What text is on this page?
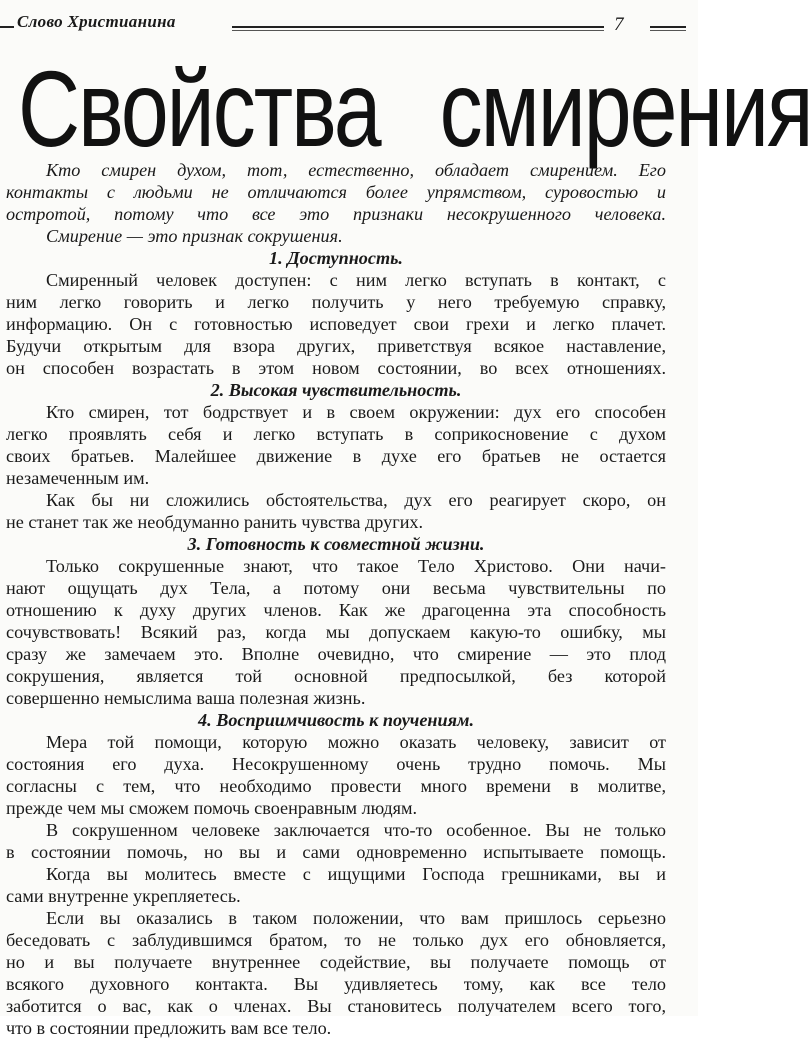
Слово Христианина	7
Свойства смирения
Кто смирен духом, тот, естественно, обладает смирением. Его
контакты с людьми не отличаются более упрямством, суровостью и
остротой, потому что все это признаки несокрушенного человека.
Смирение — это признак сокрушения.
1. Доступность.
Смиренный человек доступен: с ним легко вступать в контакт, с
ним легко говорить и легко получить у него требуемую справку,
информацию. Он с готовностью исповедует свои грехи и легко плачет.
Будучи открытым для взора других, приветствуя всякое наставление,
он способен возрастать в этом новом состоянии, во всех отношениях.
2. Высокая чувствительность.
Кто смирен, тот бодрствует и в своем окружении: дух его способен
легко проявлять себя и легко вступать в соприкосновение с духом
своих братьев. Малейшее движение в духе его братьев не остается
незамеченным им.
Как бы ни сложились обстоятельства, дух его реагирует скоро, он
не станет так же необдуманно ранить чувства других.
3. Готовность к совместной жизни.
Только сокрушенные знают, что такое Тело Христово. Они начи-
нают ощущать дух Тела, а потому они весьма чувствительны по
отношению к духу других членов. Как же драгоценна эта способность
сочувствовать! Всякий раз, когда мы допускаем какую-то ошибку, мы
сразу же замечаем это. Вполне очевидно, что смирение — это плод
сокрушения, является той основной предпосылкой, без которой
совершенно немыслима ваша полезная жизнь.
4. Восприимчивость к поучениям.
Мера той помощи, которую можно оказать человеку, зависит от
состояния его духа. Несокрушенному очень трудно помочь. Мы
согласны с тем, что необходимо провести много времени в молитве,
прежде чем мы сможем помочь своенравным людям.
В сокрушенном человеке заключается что-то особенное. Вы не только
в состоянии помочь, но вы и сами одновременно испытываете помощь.
Когда вы молитесь вместе с ищущими Господа грешниками, вы и
сами внутренне укрепляетесь.
Если вы оказались в таком положении, что вам пришлось серьезно
беседовать с заблудившимся братом, то не только дух его обновляется,
но и вы получаете внутреннее содействие, вы получаете помощь от
всякого духовного контакта. Вы удивляетесь тому, как все тело
заботится о вас, как о членах. Вы становитесь получателем всего того,
что в состоянии предложить вам все тело.
